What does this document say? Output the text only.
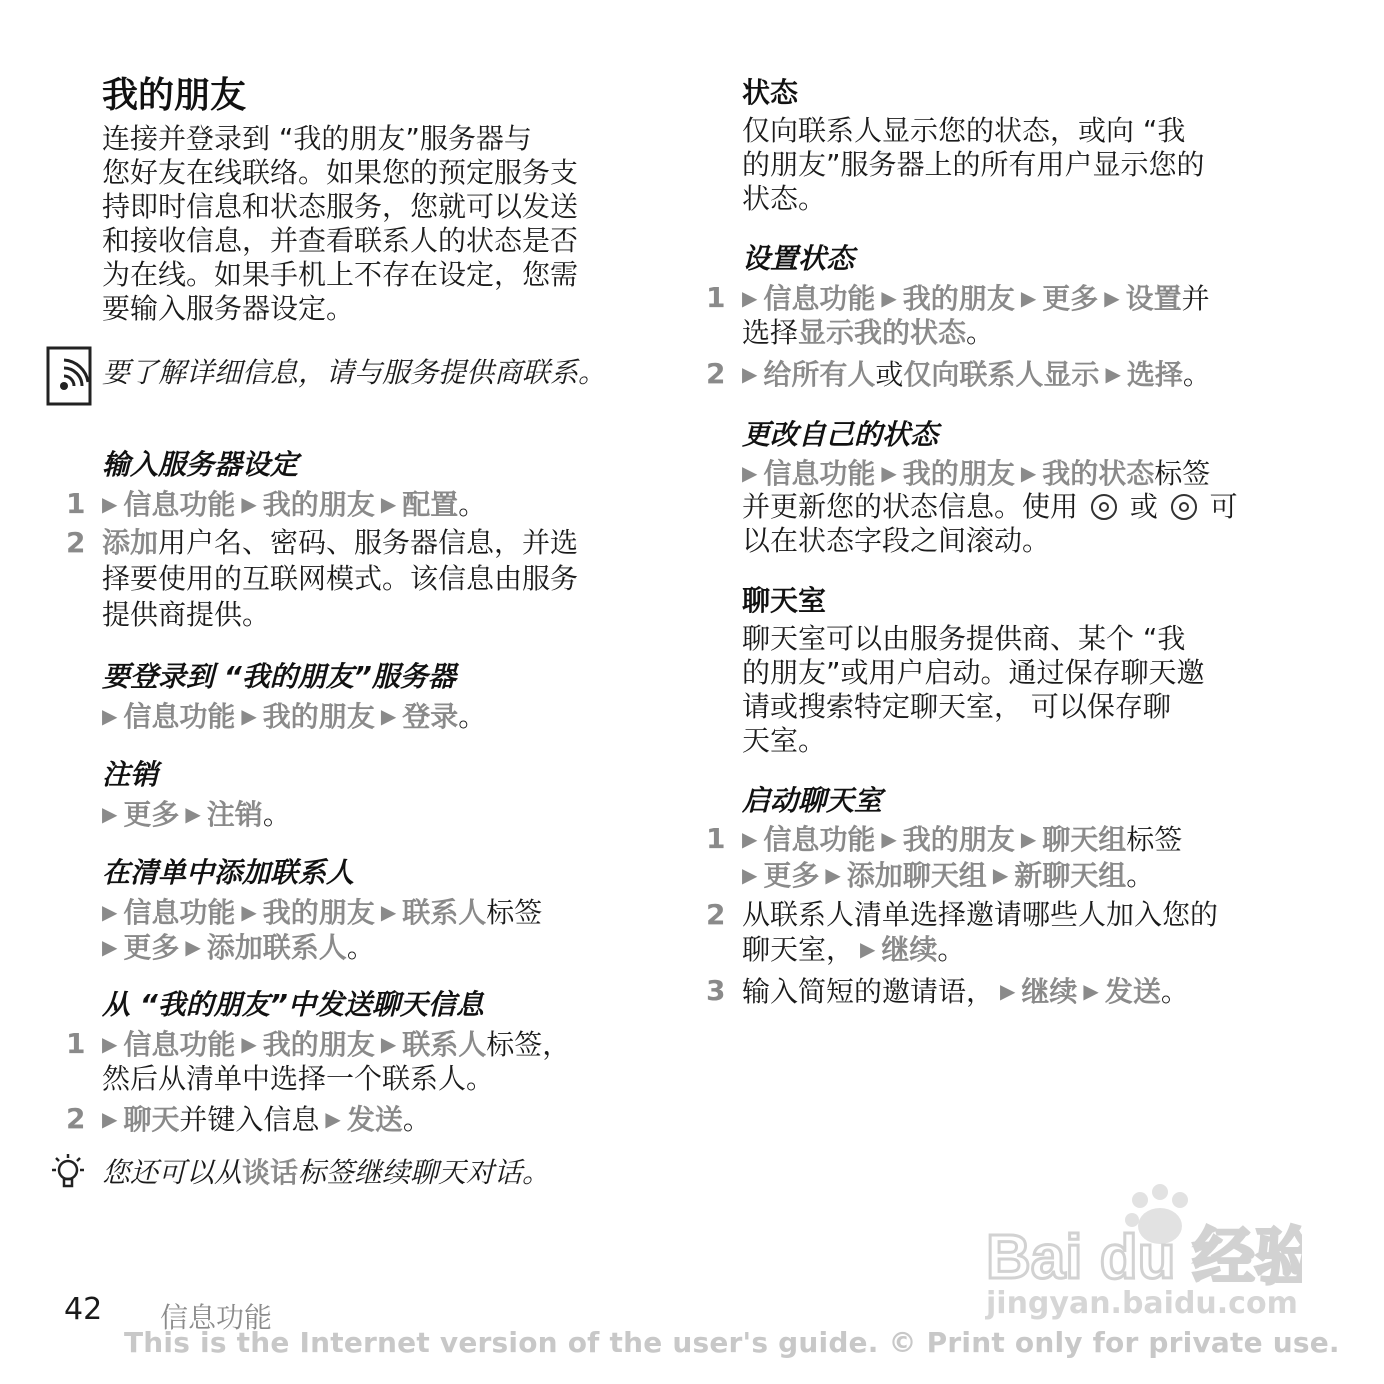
我的朋友
连接并登录到 “我的朋友”服务器与
您好友在线联络。如果您的预定服务支
持即时信息和状态服务，您就可以发送
和接收信息，并查看联系人的状态是否
为在线。如果手机上不存在设定，您需
要输入服务器设定。
要了解详细信息，请与服务提供商联系。
输入服务器设定
1 ▶ 信息功能 ▶ 我的朋友 ▶ 配置。
2 添加用户名、密码、服务器信息，并选
择要使用的互联网模式。该信息由服务
提供商提供。
要登录到 “我的朋友”服务器
▶ 信息功能 ▶ 我的朋友 ▶ 登录。
注销
▶ 更多 ▶ 注销。
在清单中添加联系人
▶ 信息功能 ▶ 我的朋友 ▶ 联系人标签
▶ 更多 ▶ 添加联系人。
从 “我的朋友”中发送聊天信息
1 ▶ 信息功能 ▶ 我的朋友 ▶ 联系人标签，
然后从清单中选择一个联系人。
2 ▶ 聊天并键入信息 ▶ 发送。
您还可以从谈话标签继续聊天对话。
状态
仅向联系人显示您的状态，或向 “我
的朋友”服务器上的所有用户显示您的
状态。
设置状态
1 ▶ 信息功能 ▶ 我的朋友 ▶ 更多 ▶ 设置并
选择显示我的状态。
2 ▶ 给所有人或仅向联系人显示 ▶ 选择。
更改自己的状态
▶ 信息功能 ▶ 我的朋友 ▶ 我的状态标签
并更新您的状态信息。使用 或 可
以在状态字段之间滚动。
聊天室
聊天室可以由服务提供商、某个 “我
的朋友”或用户启动。通过保存聊天邀
请或搜索特定聊天室， 可以保存聊
天室。
启动聊天室
1 ▶ 信息功能 ▶ 我的朋友 ▶ 聊天组标签
▶ 更多 ▶ 添加聊天组 ▶ 新聊天组。
2 从联系人清单选择邀请哪些人加入您的
聊天室， ▶ 继续。
3 输入简短的邀请语， ▶ 继续 ▶ 发送。
Bai du 经验
jingyan.baidu.com
42 信息功能
This is the Internet version of the user's guide. © Print only for private use.
